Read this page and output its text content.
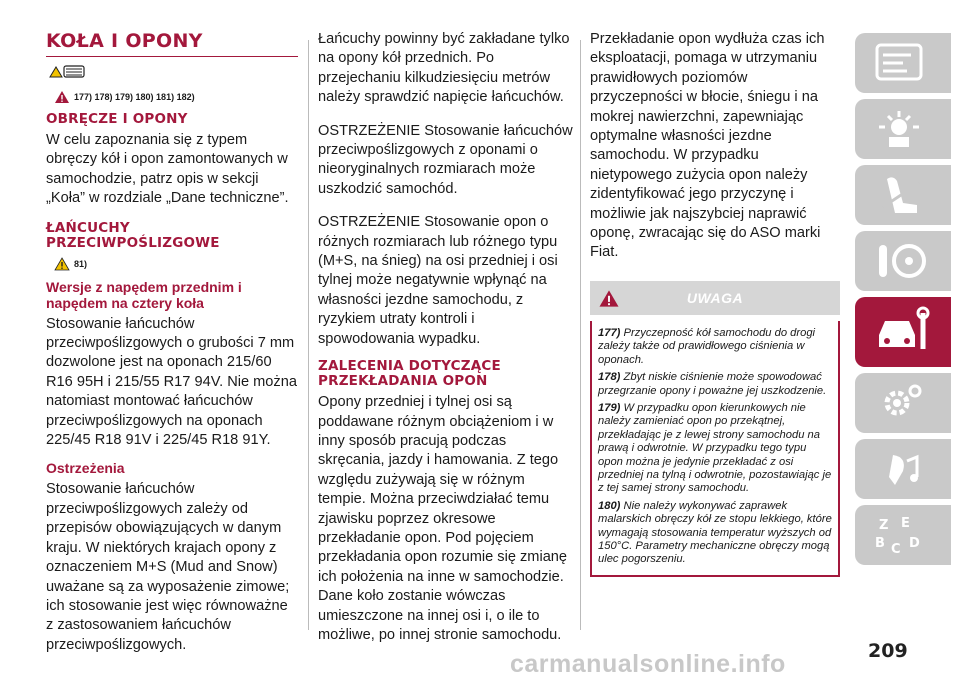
KOŁA I OPONY
177) 178) 179) 180) 181) 182)
OBRĘCZE I OPONY

W celu zapoznania się z typem obręczy kół i opon zamontowanych w samochodzie, patrz opis w sekcji „Koła” w rozdziale „Dane techniczne”.

ŁAŃCUCHY PRZECIWPOŚLIZGOWE
81)
Wersje z napędem przednim i napędem na cztery koła

Stosowanie łańcuchów przeciwpoślizgowych o grubości 7 mm dozwolone jest na oponach 215/60 R16 95H i 215/55 R17 94V. Nie można natomiast montować łańcuchów przeciwpoślizgowych na oponach 225/45 R18 91V i 225/45 R18 91Y.

Ostrzeżenia

Stosowanie łańcuchów przeciwpoślizgowych zależy od przepisów obowiązujących w danym kraju. W niektórych krajach opony z oznaczeniem M+S (Mud and Snow) uważane są za wyposażenie zimowe; ich stosowanie jest więc równoważne z zastosowaniem łańcuchów przeciwpoślizgowych.

Łańcuchy powinny być zakładane tylko na opony kół przednich. Po przejechaniu kilkudziesięciu metrów należy sprawdzić napięcie łańcuchów.

OSTRZEŻENIE Stosowanie łańcuchów przeciwpoślizgowych z oponami o nieoryginalnych rozmiarach może uszkodzić samochód.

OSTRZEŻENIE Stosowanie opon o różnych rozmiarach lub różnego typu (M+S, na śnieg) na osi przedniej i osi tylnej może negatywnie wpłynąć na własności jezdne samochodu, z ryzykiem utraty kontroli i spowodowania wypadku.

ZALECENIA DOTYCZĄCE PRZEKŁADANIA OPON

Opony przedniej i tylnej osi są poddawane różnym obciążeniom i w inny sposób pracują podczas skręcania, jazdy i hamowania. Z tego względu zużywają się w różnym tempie. Można przeciwdziałać temu zjawisku poprzez okresowe przekładanie opon. Pod pojęciem przekładania opon rozumie się zmianę ich położenia na inne w samochodzie. Dane koło zostanie wówczas umieszczone na innej osi i, o ile to możliwe, po innej stronie samochodu.

Przekładanie opon wydłuża czas ich eksploatacji, pomaga w utrzymaniu prawidłowych poziomów przyczepności w błocie, śniegu i na mokrej nawierzchni, zapewniając optymalne własności jezdne samochodu. W przypadku nietypowego zużycia opon należy zidentyfikować jego przyczynę i możliwie jak najszybciej naprawić oponę, zwracając się do ASO marki Fiat.

UWAGA

177) Przyczepność kół samochodu do drogi zależy także od prawidłowego ciśnienia w oponach.

178) Zbyt niskie ciśnienie może spowodować przegrzanie opony i poważne jej uszkodzenie.

179) W przypadku opon kierunkowych nie należy zamieniać opon po przekątnej, przekładając je z lewej strony samochodu na prawą i odwrotnie. W przypadku tego typu opon można je jedynie przekładać z osi przedniej na tylną i odwrotnie, pozostawiając je z tej samej strony samochodu.

180) Nie należy wykonywać zaprawek malarskich obręczy kół ze stopu lekkiego, które wymagają stosowania temperatur wyższych od 150°C. Parametry mechaniczne obręczy mogą ulec pogorszeniu.

Z E
B C D
209
carmanualsonline.info
